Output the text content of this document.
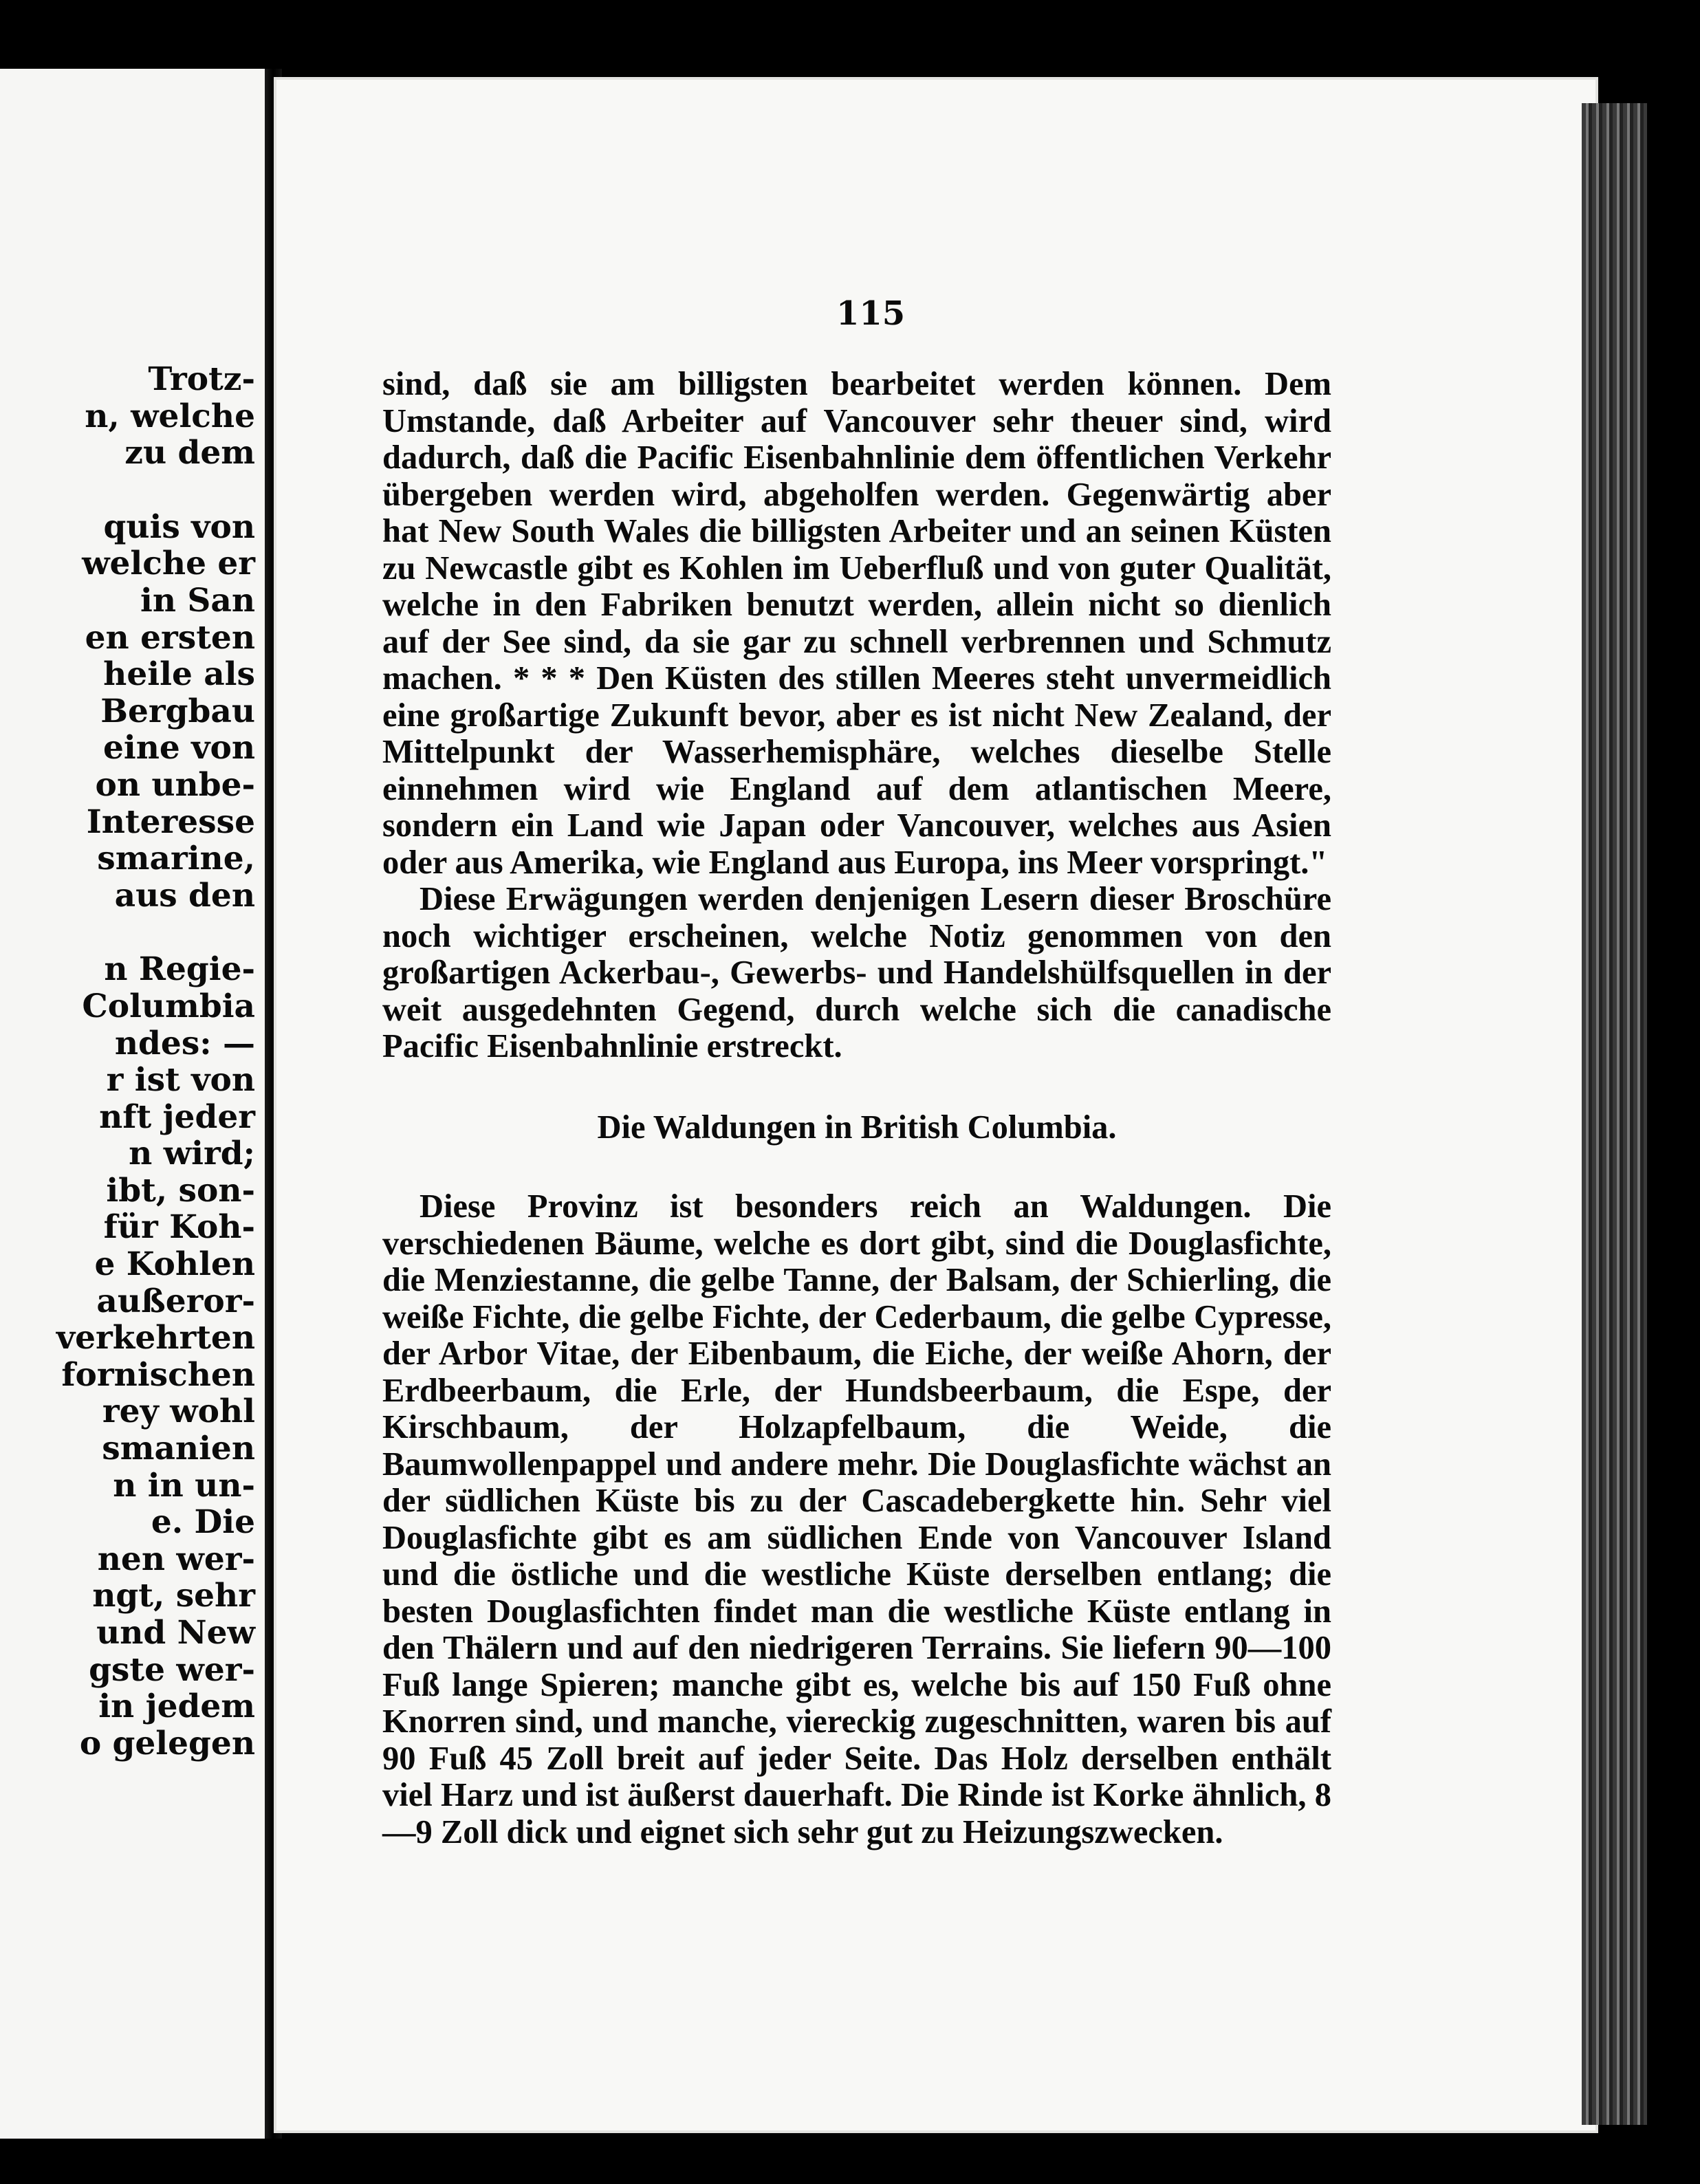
Trotz-
n, welche
zu dem
quis von
welche er
in San
en ersten
heile als
Bergbau
eine von
on unbe-
Interesse
smarine,
aus den
n Regie-
Columbia
ndes: —
r ist von
nft jeder
n wird;
ibt, son-
für Koh-
e Kohlen
außeror-
verkehrten
fornischen
rey wohl
smanien
n in un-
e. Die
nen wer-
ngt, sehr
und New
gste wer-
in jedem
o gelegen
115

sind, daß sie am billigsten bearbeitet werden können. Dem Umstande, daß Arbeiter auf Vancouver sehr theuer sind, wird dadurch, daß die Pacific Eisenbahnlinie dem öffentlichen Verkehr übergeben werden wird, abgeholfen werden. Gegenwärtig aber hat New South Wales die billigsten Arbeiter und an seinen Küsten zu Newcastle gibt es Kohlen im Ueberfluß und von guter Qualität, welche in den Fabriken benutzt werden, allein nicht so dienlich auf der See sind, da sie gar zu schnell verbrennen und Schmutz machen. * * * Den Küsten des stillen Meeres steht unvermeidlich eine großartige Zukunft bevor, aber es ist nicht New Zealand, der Mittelpunkt der Wasserhemisphäre, welches dieselbe Stelle einnehmen wird wie England auf dem atlantischen Meere, sondern ein Land wie Japan oder Vancouver, welches aus Asien oder aus Amerika, wie England aus Europa, ins Meer vorspringt."

Diese Erwägungen werden denjenigen Lesern dieser Broschüre noch wichtiger erscheinen, welche Notiz genommen von den großartigen Ackerbau-, Gewerbs- und Handelshülfsquellen in der weit ausgedehnten Gegend, durch welche sich die canadische Pacific Eisenbahnlinie erstreckt.

Die Waldungen in British Columbia.

Diese Provinz ist besonders reich an Waldungen. Die verschiedenen Bäume, welche es dort gibt, sind die Douglasfichte, die Menziestanne, die gelbe Tanne, der Balsam, der Schierling, die weiße Fichte, die gelbe Fichte, der Cederbaum, die gelbe Cypresse, der Arbor Vitae, der Eibenbaum, die Eiche, der weiße Ahorn, der Erdbeerbaum, die Erle, der Hundsbeerbaum, die Espe, der Kirschbaum, der Holzapfelbaum, die Weide, die Baumwollenpappel und andere mehr. Die Douglasfichte wächst an der südlichen Küste bis zu der Cascadebergkette hin. Sehr viel Douglasfichte gibt es am südlichen Ende von Vancouver Island und die östliche und die westliche Küste derselben entlang; die besten Douglasfichten findet man die westliche Küste entlang in den Thälern und auf den niedrigeren Terrains. Sie liefern 90—100 Fuß lange Spieren; manche gibt es, welche bis auf 150 Fuß ohne Knorren sind, und manche, viereckig zugeschnitten, waren bis auf 90 Fuß 45 Zoll breit auf jeder Seite. Das Holz derselben enthält viel Harz und ist äußerst dauerhaft. Die Rinde ist Korke ähnlich, 8—9 Zoll dick und eignet sich sehr gut zu Heizungszwecken.
